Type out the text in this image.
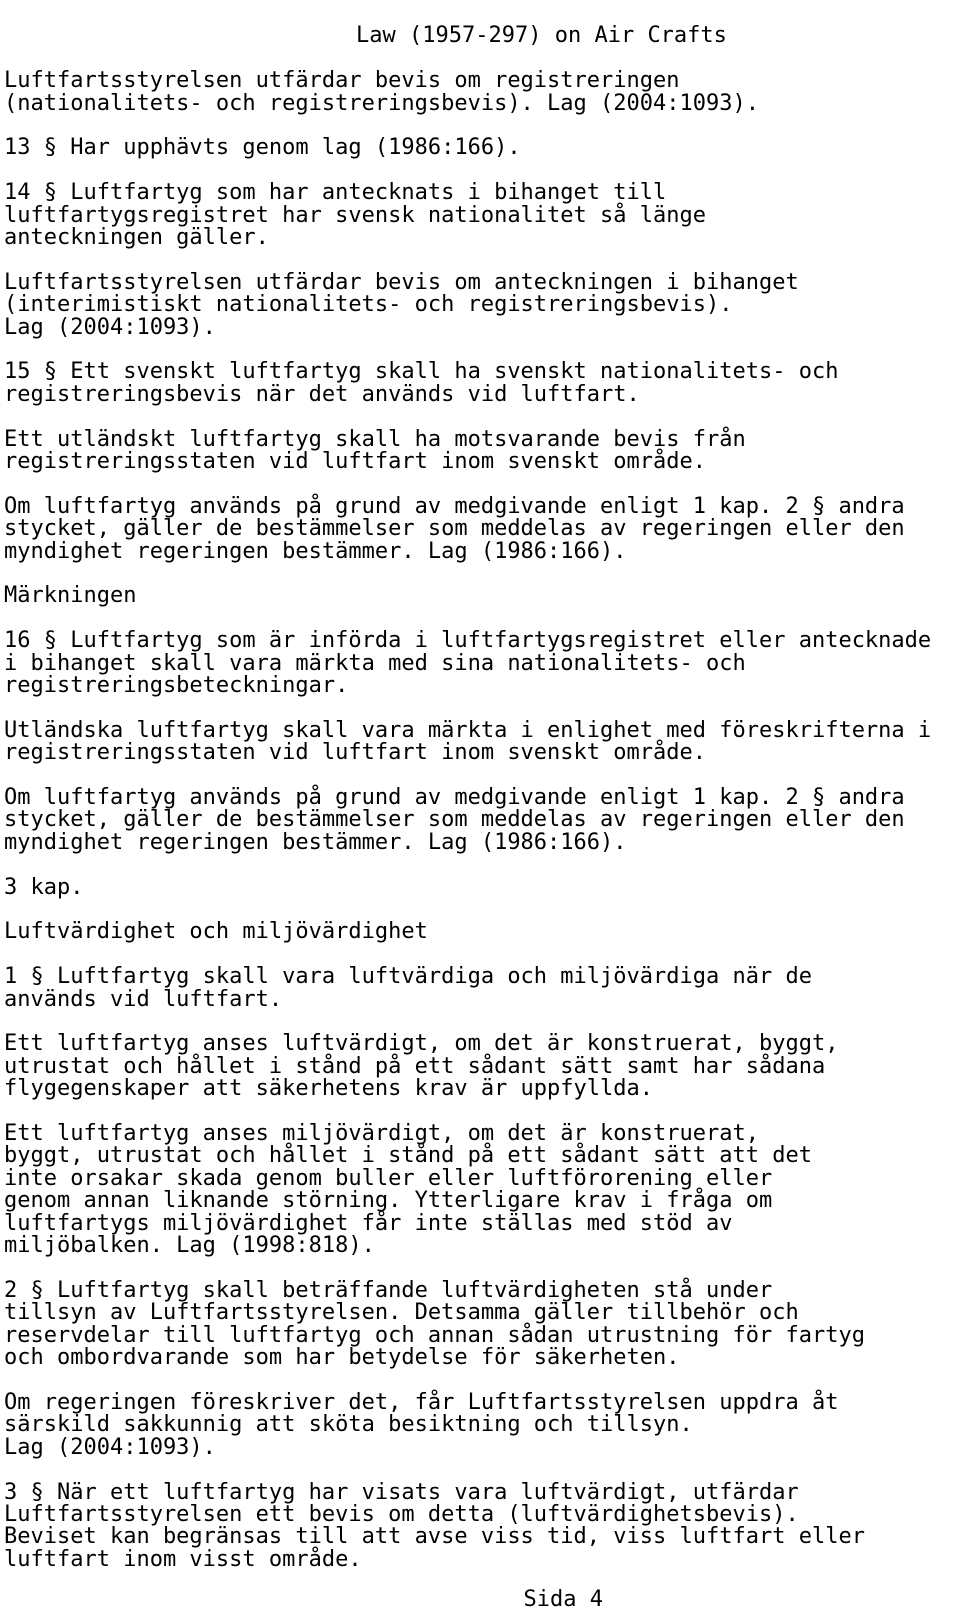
Law (1957-297) on Air Crafts

Luftfartsstyrelsen utfärdar bevis om registreringen
(nationalitets- och registreringsbevis). Lag (2004:1093).
13 § Har upphävts genom lag (1986:166).
14 § Luftfartyg som har antecknats i bihanget till
luftfartygsregistret har svensk nationalitet så länge
anteckningen gäller.
Luftfartsstyrelsen utfärdar bevis om anteckningen i bihanget
(interimistiskt nationalitets- och registreringsbevis).
Lag (2004:1093).
15 § Ett svenskt luftfartyg skall ha svenskt nationalitets- och
registreringsbevis när det används vid luftfart.
Ett utländskt luftfartyg skall ha motsvarande bevis från
registreringsstaten vid luftfart inom svenskt område.
Om luftfartyg används på grund av medgivande enligt 1 kap. 2 § andra
stycket, gäller de bestämmelser som meddelas av regeringen eller den
myndighet regeringen bestämmer. Lag (1986:166).
Märkningen
16 § Luftfartyg som är införda i luftfartygsregistret eller antecknade
i bihanget skall vara märkta med sina nationalitets- och
registreringsbeteckningar.
Utländska luftfartyg skall vara märkta i enlighet med föreskrifterna i
registreringsstaten vid luftfart inom svenskt område.
Om luftfartyg används på grund av medgivande enligt 1 kap. 2 § andra
stycket, gäller de bestämmelser som meddelas av regeringen eller den
myndighet regeringen bestämmer. Lag (1986:166).
3 kap.
Luftvärdighet och miljövärdighet
1 § Luftfartyg skall vara luftvärdiga och miljövärdiga när de
används vid luftfart.
Ett luftfartyg anses luftvärdigt, om det är konstruerat, byggt,
utrustat och hållet i stånd på ett sådant sätt samt har sådana
flygegenskaper att säkerhetens krav är uppfyllda.
Ett luftfartyg anses miljövärdigt, om det är konstruerat,
byggt, utrustat och hållet i stånd på ett sådant sätt att det
inte orsakar skada genom buller eller luftförorening eller
genom annan liknande störning. Ytterligare krav i fråga om
luftfartygs miljövärdighet får inte ställas med stöd av
miljöbalken. Lag (1998:818).
2 § Luftfartyg skall beträffande luftvärdigheten stå under
tillsyn av Luftfartsstyrelsen. Detsamma gäller tillbehör och
reservdelar till luftfartyg och annan sådan utrustning för fartyg
och ombordvarande som har betydelse för säkerheten.
Om regeringen föreskriver det, får Luftfartsstyrelsen uppdra åt
särskild sakkunnig att sköta besiktning och tillsyn.
Lag (2004:1093).
3 § När ett luftfartyg har visats vara luftvärdigt, utfärdar
Luftfartsstyrelsen ett bevis om detta (luftvärdighetsbevis).
Beviset kan begränsas till att avse viss tid, viss luftfart eller
luftfart inom visst område.

Sida 4
